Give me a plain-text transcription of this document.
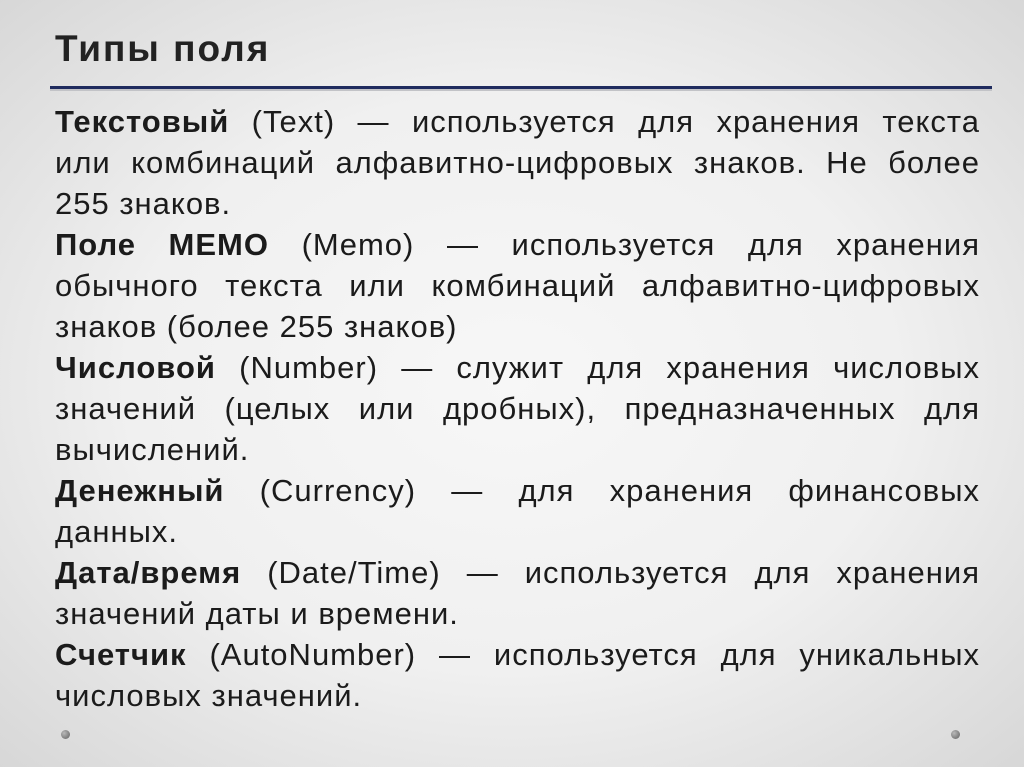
Типы поля
Текстовый (Text) — используется для хранения текста
или комбинаций алфавитно-цифровых знаков. Не более
255 знаков.
Поле MEMO (Memo) — используется для хранения
обычного текста или комбинаций алфавитно-цифровых
знаков (более 255 знаков)
Числовой (Number) — служит для хранения числовых
значений (целых или дробных), предназначенных для
вычислений.
Денежный (Currency) — для хранения финансовых
данных.
Дата/время (Date/Time) — используется для хранения
значений даты и времени.
Счетчик (AutoNumber) — используется для уникальных
числовых значений.
